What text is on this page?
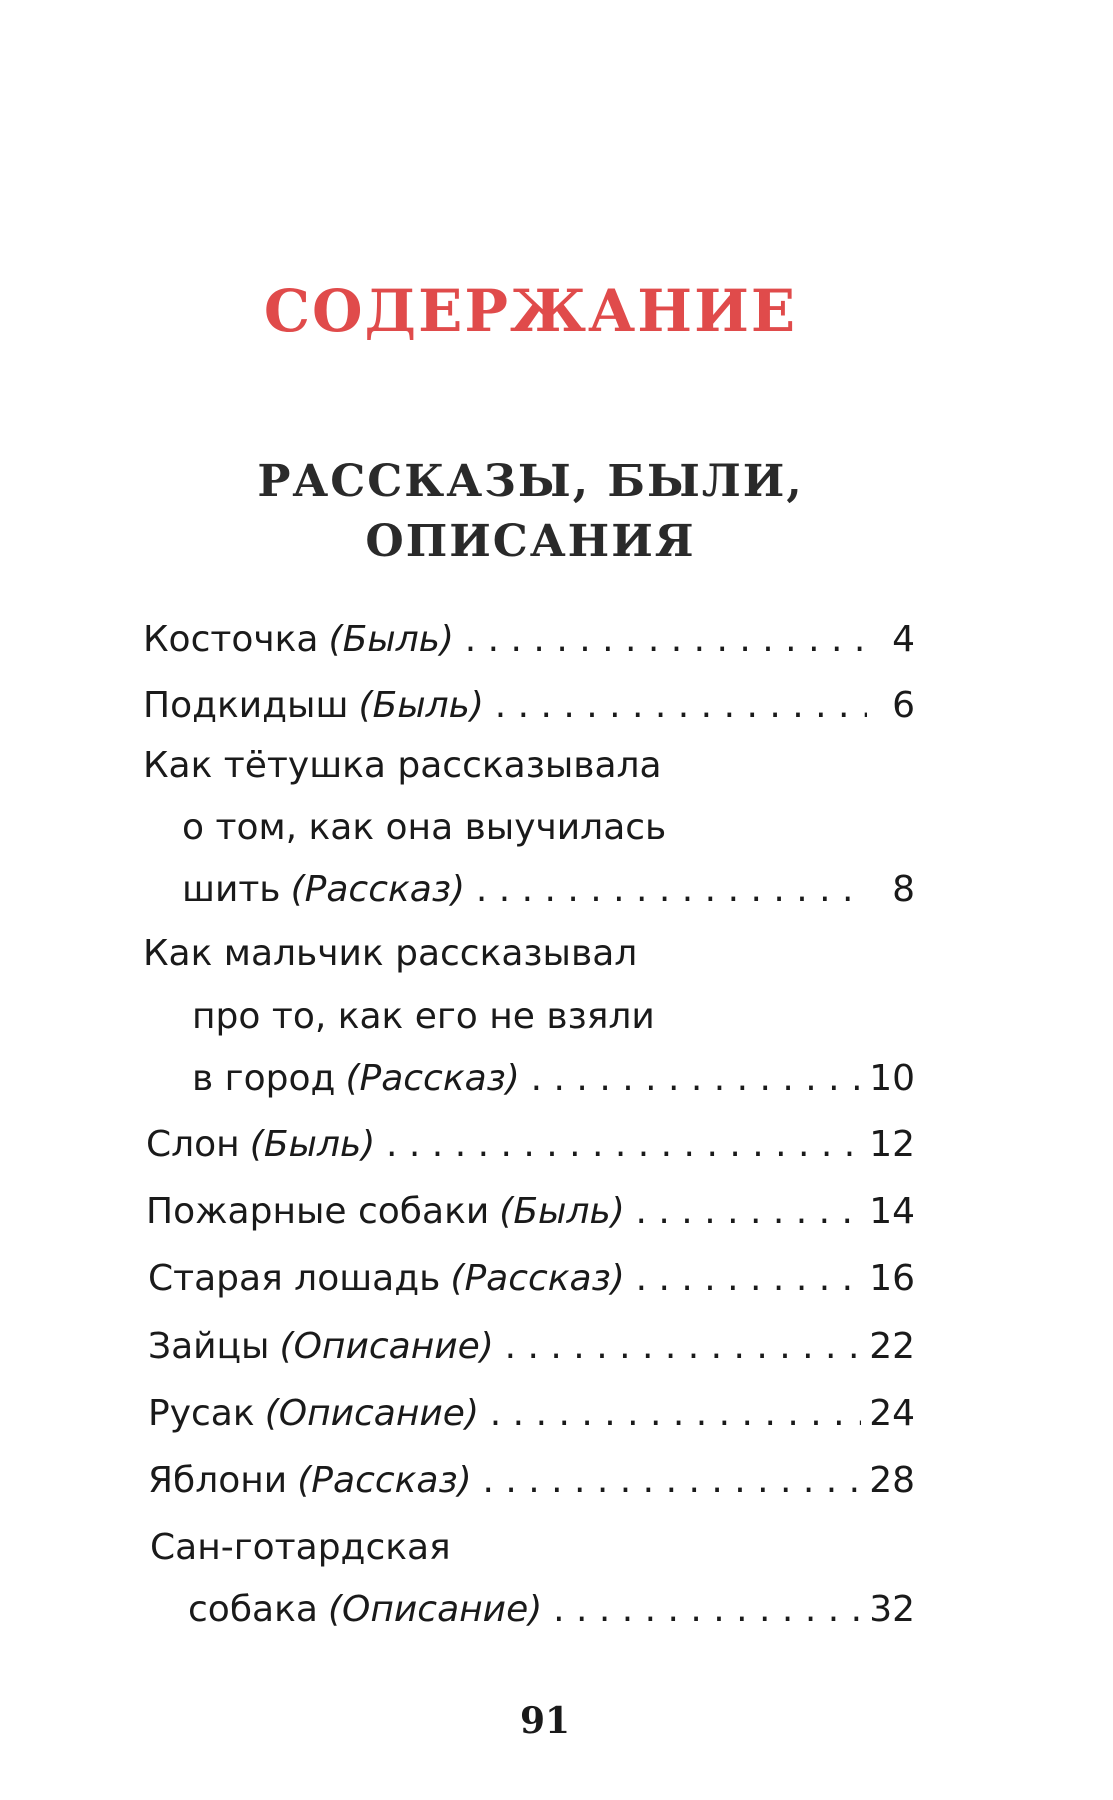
СОДЕРЖАНИЕ
РАССКАЗЫ, БЫЛИ,
ОПИСАНИЯ
Косточка (Быль) . . .	4
Подкидыш (Быль) . . .	6
Как тётушка рассказывала
о том, как она выучилась
шить (Рассказ) . . .	8
Как мальчик рассказывал
про то, как его не взяли
в город (Рассказ) . . .	10
Слон (Быль) . . .	12
Пожарные собаки (Быль) . . .	14
Старая лошадь (Рассказ) . . .	16
Зайцы (Описание) . . .	22
Русак (Описание) . . .	24
Яблони (Рассказ) . . .	28
Сан-готардская
собака (Описание) . . .	32
91
